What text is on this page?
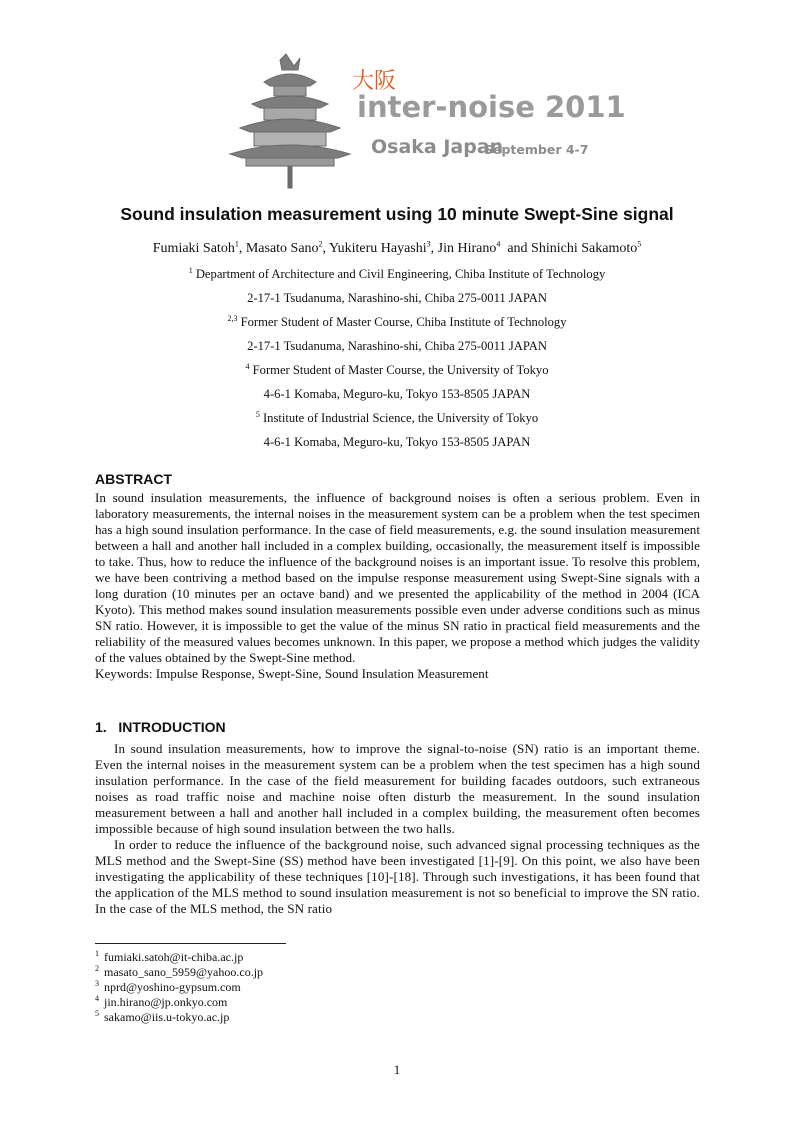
大阪
inter-noise 2011
Osaka Japan
September 4-7
Sound insulation measurement using 10 minute Swept-Sine signal
Fumiaki Satoh$^1$, Masato Sano$^2$, Yukiteru Hayashi$^3$, Jin Hirano$^4$  and Shinichi Sakamoto$^5$
$^1$ Department of Architecture and Civil Engineering, Chiba Institute of Technology
2-17-1 Tsudanuma, Narashino-shi, Chiba 275-0011 JAPAN
$^{2,3}$ Former Student of Master Course, Chiba Institute of Technology
2-17-1 Tsudanuma, Narashino-shi, Chiba 275-0011 JAPAN
$^4$ Former Student of Master Course, the University of Tokyo
4-6-1 Komaba, Meguro-ku, Tokyo 153-8505 JAPAN
$^5$ Institute of Industrial Science, the University of Tokyo
4-6-1 Komaba, Meguro-ku, Tokyo 153-8505 JAPAN
ABSTRACT
In sound insulation measurements, the influence of background noises is often a serious problem. Even in laboratory measurements, the internal noises in the measurement system can be a problem when the test specimen has a high sound insulation performance. In the case of field measurements, e.g. the sound insulation measurement between a hall and another hall included in a complex building, occasionally, the measurement itself is impossible to take. Thus, how to reduce the influence of the background noises is an important issue. To resolve this problem, we have been contriving a method based on the impulse response measurement using Swept-Sine signals with a long duration (10 minutes per an octave band) and we presented the applicability of the method in 2004 (ICA Kyoto). This method makes sound insulation measurements possible even under adverse conditions such as minus SN ratio. However, it is impossible to get the value of the minus SN ratio in practical field measurements and the reliability of the measured values becomes unknown. In this paper, we propose a method which judges the validity of the values obtained by the Swept-Sine method.
Keywords: Impulse Response, Swept-Sine, Sound Insulation Measurement
1.   INTRODUCTION
In sound insulation measurements, how to improve the signal-to-noise (SN) ratio is an important theme. Even the internal noises in the measurement system can be a problem when the test specimen has a high sound insulation performance. In the case of the field measurement for building facades outdoors, such extraneous noises as road traffic noise and machine noise often disturb the measurement. In the sound insulation measurement between a hall and another hall included in a complex building, the measurement often becomes impossible because of high sound insulation between the two halls.
In order to reduce the influence of the background noise, such advanced signal processing techniques as the MLS method and the Swept-Sine (SS) method have been investigated [1]-[9]. On this point, we also have been investigating the applicability of these techniques [10]-[18]. Through such investigations, it has been found that the application of the MLS method to sound insulation measurement is not so beneficial to improve the SN ratio. In the case of the MLS method, the SN ratio
$^1$ fumiaki.satoh@it-chiba.ac.jp
$^2$ masato_sano_5959@yahoo.co.jp
$^3$ nprd@yoshino-gypsum.com
$^4$ jin.hirano@jp.onkyo.com
$^5$ sakamo@iis.u-tokyo.ac.jp
1
